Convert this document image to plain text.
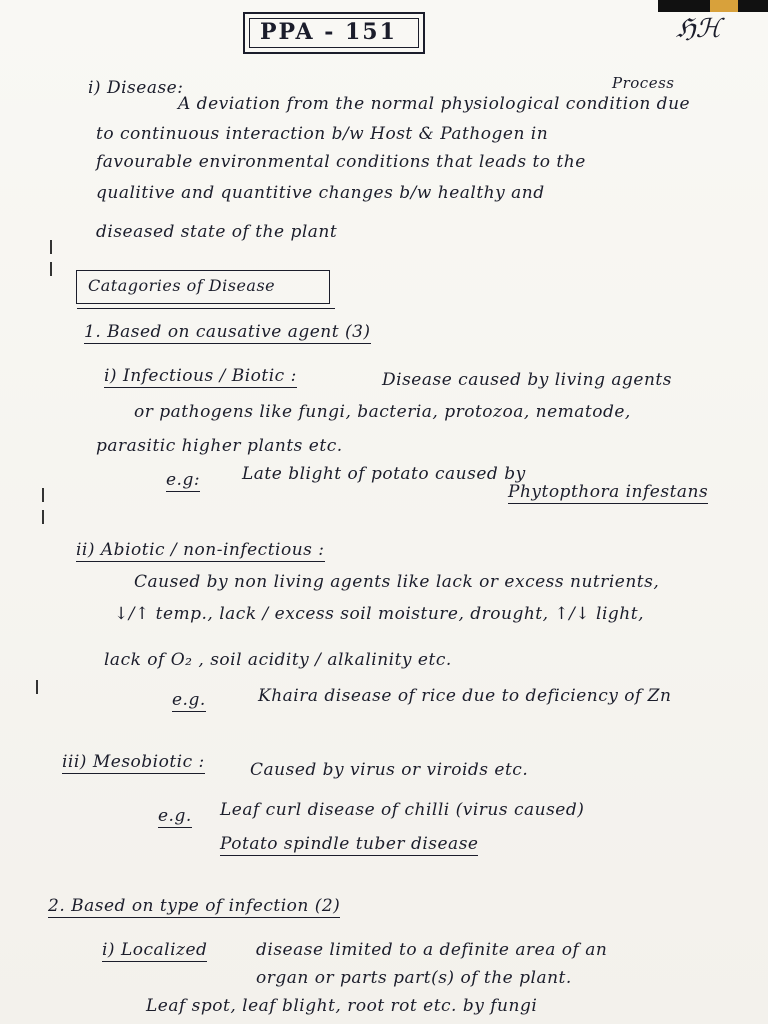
PPA - 151	ℌℋ
i) Disease:	Process
A deviation from the normal physiological condition due
to continuous interaction b/w Host & Pathogen in
favourable environmental conditions that leads to the
qualitive and quantitive changes b/w healthy and
diseased state of the plant
Catagories of Disease
1. Based on causative agent (3)
i) Infectious / Biotic :	Disease caused by living agents
or pathogens like fungi, bacteria, protozoa, nematode,
parasitic higher plants etc.
e.g: Late blight of potato caused by
Phytopthora infestans
ii) Abiotic / non-infectious :
Caused by non living agents like lack or excess nutrients,
↓/↑ temp., lack / excess soil moisture, drought, ↑/↓ light,
lack of O₂ , soil acidity / alkalinity etc.
e.g.	Khaira disease of rice due to deficiency of Zn
iii) Mesobiotic :	Caused by virus or viroids etc.
e.g. Leaf curl disease of chilli (virus caused)
Potato spindle tuber disease
2. Based on type of infection (2)
i) Localized	disease limited to a definite area of an
organ or parts part(s) of the plant.
Leaf spot, leaf blight, root rot etc. by fungi
